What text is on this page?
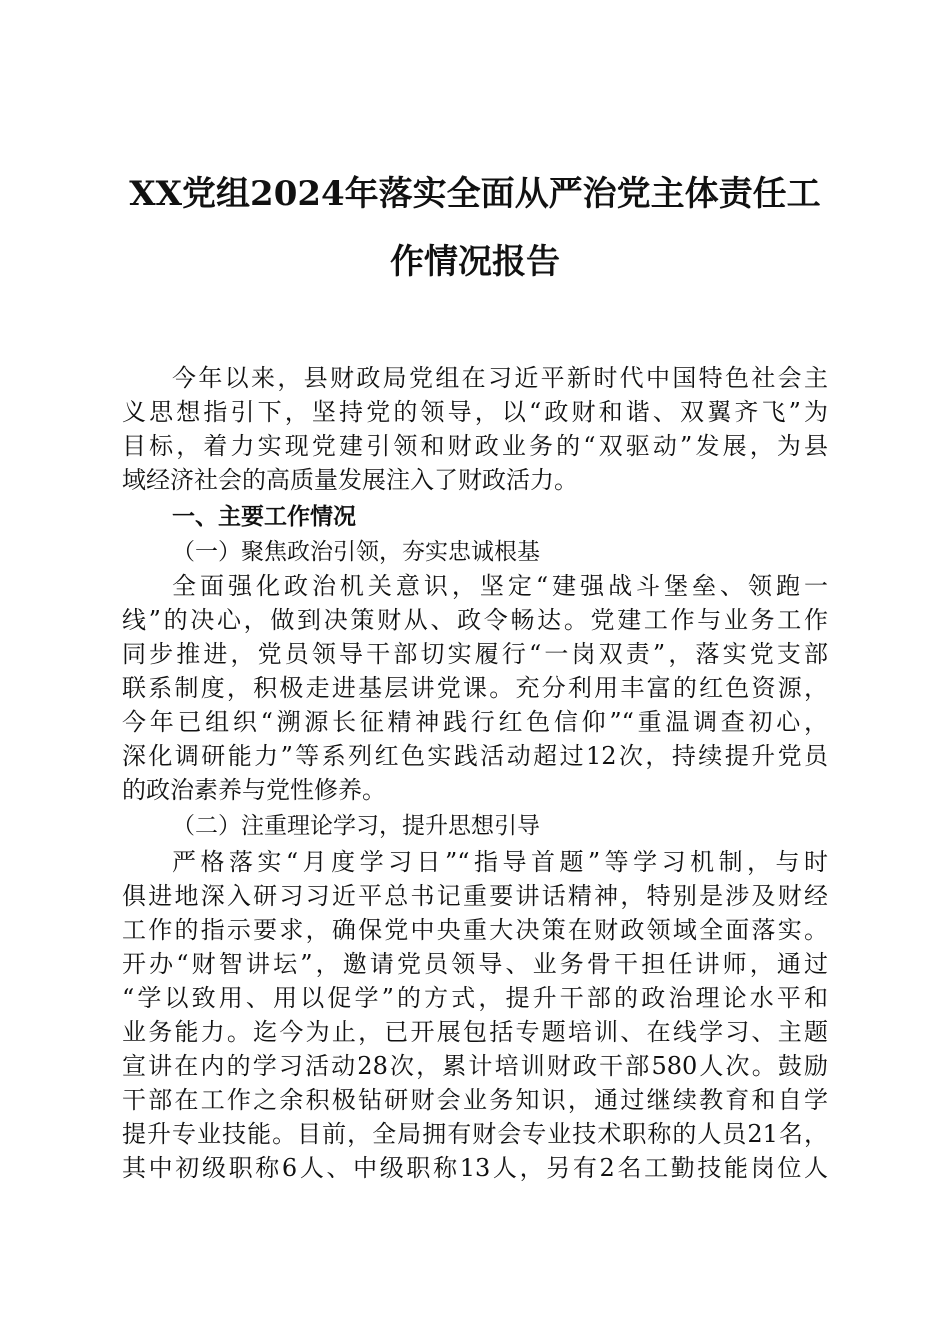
XX党组2024年落实全面从严治党主体责任工
作情况报告
今年以来，县财政局党组在习近平新时代中国特色社会主
义思想指引下，坚持党的领导，以“政财和谐、双翼齐飞”为
目标，着力实现党建引领和财政业务的“双驱动”发展，为县
域经济社会的高质量发展注入了财政活力。
一、主要工作情况
（一）聚焦政治引领，夯实忠诚根基
全面强化政治机关意识，坚定“建强战斗堡垒、领跑一
线”的决心，做到决策财从、政令畅达。党建工作与业务工作
同步推进，党员领导干部切实履行“一岗双责”，落实党支部
联系制度，积极走进基层讲党课。充分利用丰富的红色资源，
今年已组织“溯源长征精神践行红色信仰”“重温调查初心，
深化调研能力”等系列红色实践活动超过12次，持续提升党员
的政治素养与党性修养。
（二）注重理论学习，提升思想引导
严格落实“月度学习日”“指导首题”等学习机制，与时
俱进地深入研习习近平总书记重要讲话精神，特别是涉及财经
工作的指示要求，确保党中央重大决策在财政领域全面落实。
开办“财智讲坛”，邀请党员领导、业务骨干担任讲师，通过
“学以致用、用以促学”的方式，提升干部的政治理论水平和
业务能力。迄今为止，已开展包括专题培训、在线学习、主题
宣讲在内的学习活动28次，累计培训财政干部580人次。鼓励
干部在工作之余积极钻研财会业务知识，通过继续教育和自学
提升专业技能。目前，全局拥有财会专业技术职称的人员21名，
其中初级职称6人、中级职称13人，另有2名工勤技能岗位人
